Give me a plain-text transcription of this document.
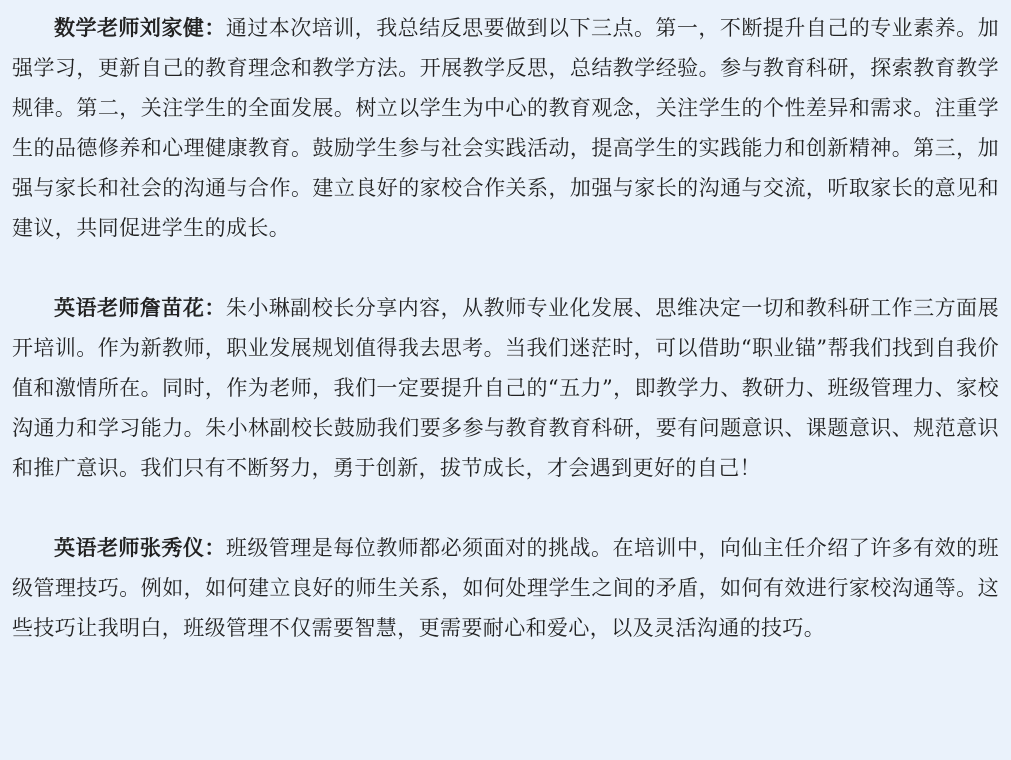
数学老师刘家健：通过本次培训，我总结反思要做到以下三点。第一，不断提升自己的专业素养。加强学习，更新自己的教育理念和教学方法。开展教学反思，总结教学经验。参与教育科研，探索教育教学规律。第二，关注学生的全面发展。树立以学生为中心的教育观念，关注学生的个性差异和需求。注重学生的品德修养和心理健康教育。鼓励学生参与社会实践活动，提高学生的实践能力和创新精神。第三，加强与家长和社会的沟通与合作。建立良好的家校合作关系，加强与家长的沟通与交流，听取家长的意见和建议，共同促进学生的成长。

英语老师詹苗花：朱小琳副校长分享内容，从教师专业化发展、思维决定一切和教科研工作三方面展开培训。作为新教师，职业发展规划值得我去思考。当我们迷茫时，可以借助“职业锚”帮我们找到自我价值和激情所在。同时，作为老师，我们一定要提升自己的“五力”，即教学力、教研力、班级管理力、家校沟通力和学习能力。朱小林副校长鼓励我们要多参与教育教育科研，要有问题意识、课题意识、规范意识和推广意识。我们只有不断努力，勇于创新，拔节成长，才会遇到更好的自己！

英语老师张秀仪：班级管理是每位教师都必须面对的挑战。在培训中，向仙主任介绍了许多有效的班级管理技巧。例如，如何建立良好的师生关系，如何处理学生之间的矛盾，如何有效进行家校沟通等。这些技巧让我明白，班级管理不仅需要智慧，更需要耐心和爱心，以及灵活沟通的技巧。
